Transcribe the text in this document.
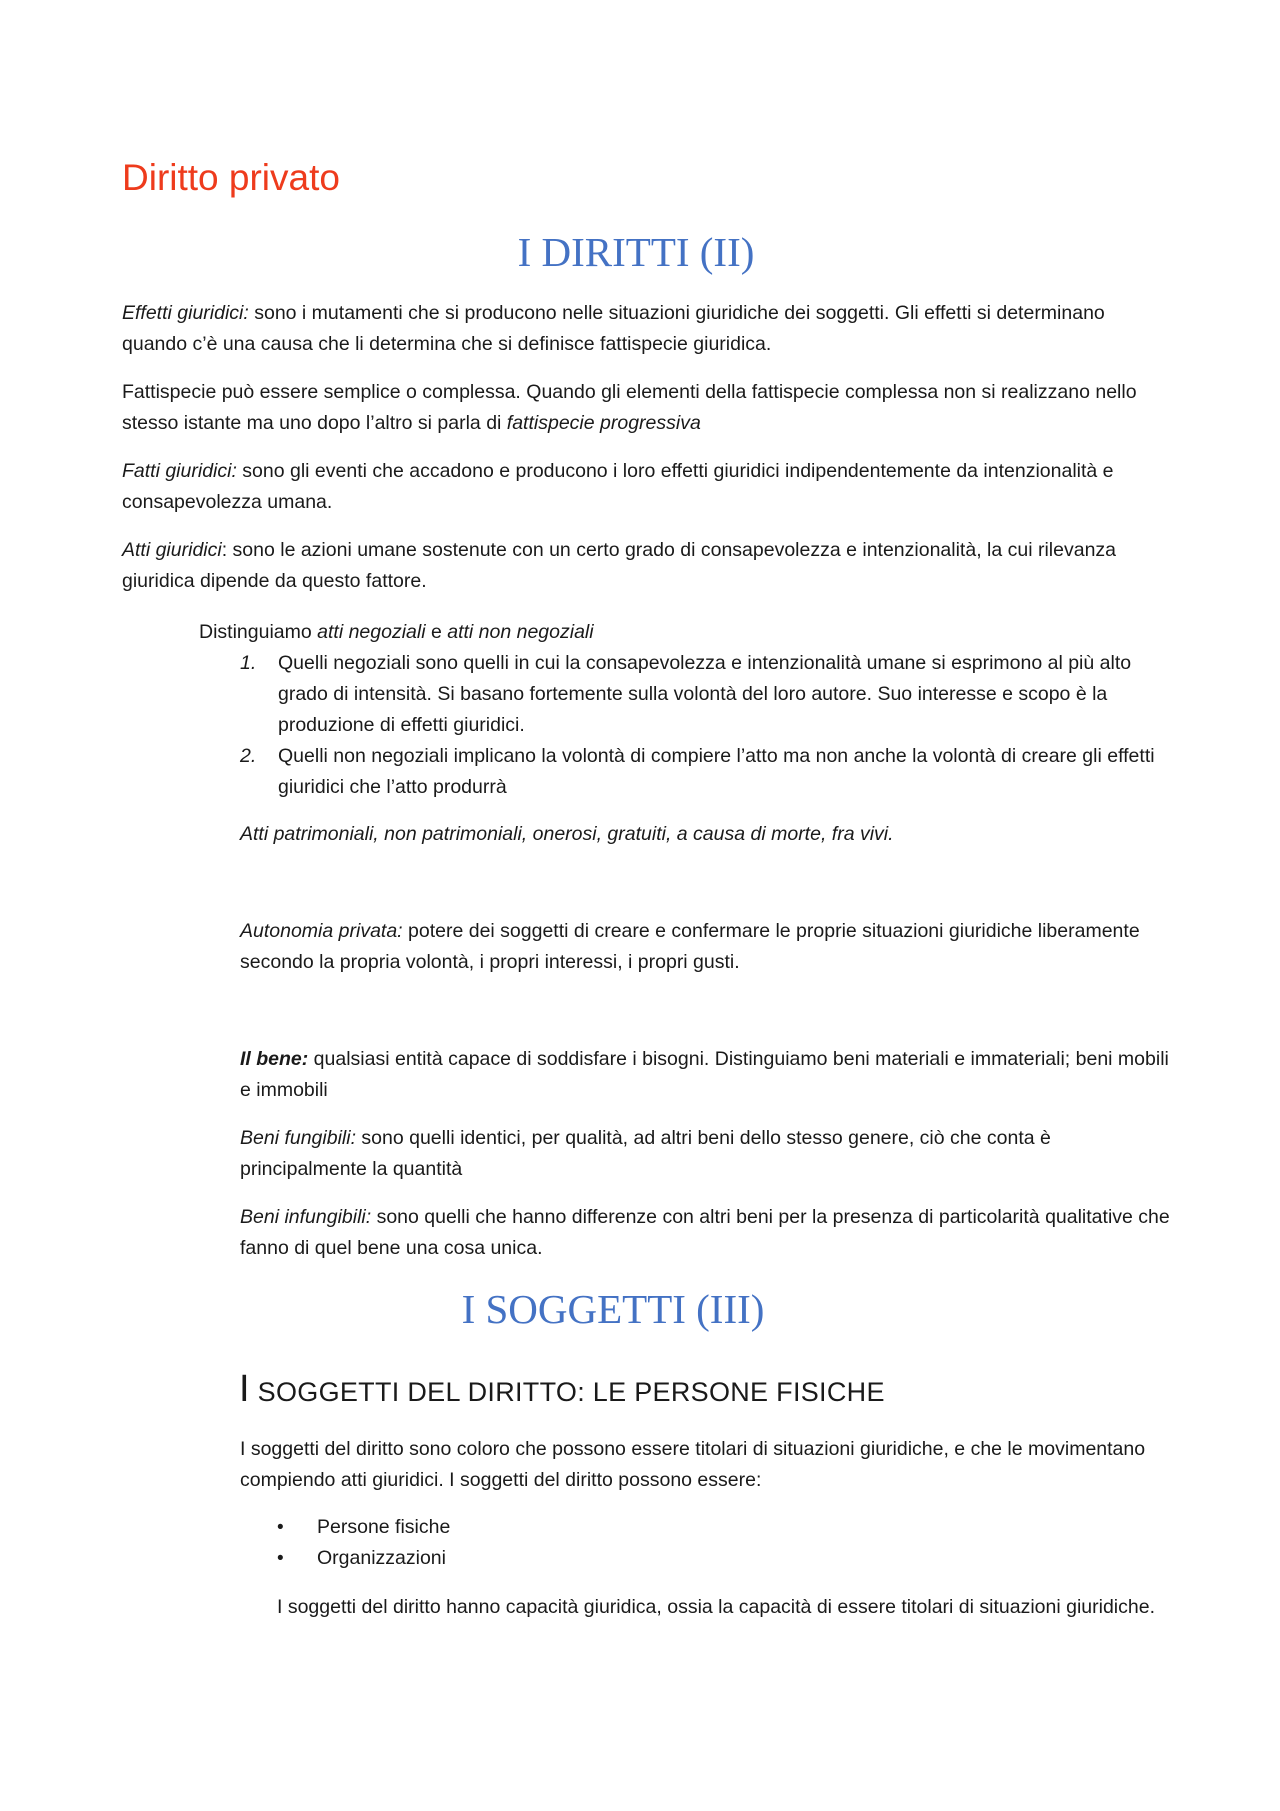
Diritto privato
I DIRITTI (II)

Effetti giuridici: sono i mutamenti che si producono nelle situazioni giuridiche dei soggetti. Gli effetti si determinano quando c’è una causa che li determina che si definisce fattispecie giuridica.

Fattispecie può essere semplice o complessa. Quando gli elementi della fattispecie complessa non si realizzano nello stesso istante ma uno dopo l’altro si parla di fattispecie progressiva

Fatti giuridici: sono gli eventi che accadono e producono i loro effetti giuridici indipendentemente da intenzionalità e consapevolezza umana.

Atti giuridici: sono le azioni umane sostenute con un certo grado di consapevolezza e intenzionalità, la cui rilevanza giuridica dipende da questo fattore.

Distinguiamo atti negoziali e atti non negoziali

1. Quelli negoziali sono quelli in cui la consapevolezza e intenzionalità umane si esprimono al più alto grado di intensità. Si basano fortemente sulla volontà del loro autore. Suo interesse e scopo è la produzione di effetti giuridici.
2. Quelli non negoziali implicano la volontà di compiere l’atto ma non anche la volontà di creare gli effetti giuridici che l’atto produrrà

Atti patrimoniali, non patrimoniali, onerosi, gratuiti, a causa di morte, fra vivi.

Autonomia privata: potere dei soggetti di creare e confermare le proprie situazioni giuridiche liberamente secondo la propria volontà, i propri interessi, i propri gusti.

Il bene: qualsiasi entità capace di soddisfare i bisogni. Distinguiamo beni materiali e immateriali; beni mobili e immobili

Beni fungibili: sono quelli identici, per qualità, ad altri beni dello stesso genere, ciò che conta è principalmente la quantità

Beni infungibili: sono quelli che hanno differenze con altri beni per la presenza di particolarità qualitative che fanno di quel bene una cosa unica.

I SOGGETTI (III)
I SOGGETTI DEL DIRITTO: LE PERSONE FISICHE

I soggetti del diritto sono coloro che possono essere titolari di situazioni giuridiche, e che le movimentano compiendo atti giuridici. I soggetti del diritto possono essere:

• Persone fisiche
• Organizzazioni

I soggetti del diritto hanno capacità giuridica, ossia la capacità di essere titolari di situazioni giuridiche.
